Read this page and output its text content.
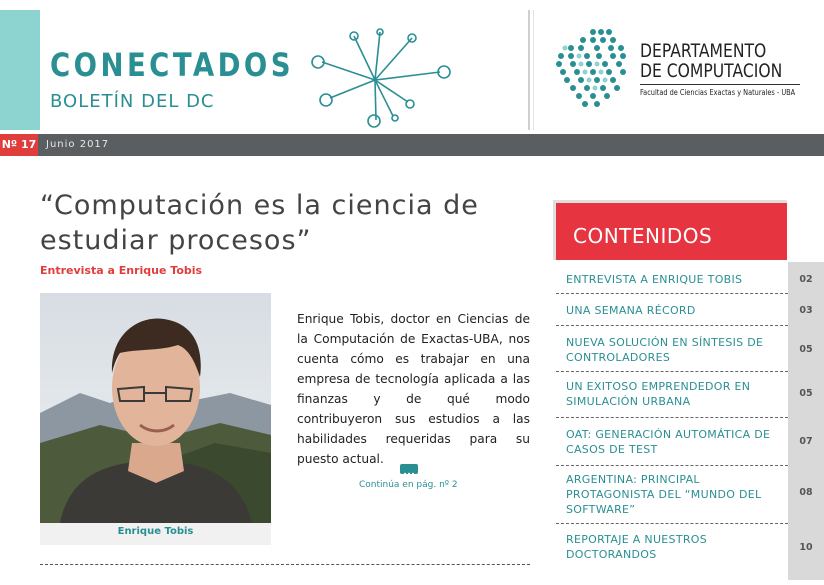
CONECTADOS
BOLETÍN DEL DC
DEPARTAMENTO
DE COMPUTACION
Facultad de Ciencias Exactas y Naturales - UBA
Nº 17 Junio 2017
“Computación es la ciencia de estudiar procesos”
Entrevista a Enrique Tobis
Enrique Tobis
Enrique Tobis, doctor en Ciencias de la Computación de Exactas-UBA, nos cuenta cómo es trabajar en una empresa de tecnología aplicada a las finanzas y de qué modo contribuyeron sus estudios a las habilidades requeridas para su puesto actual.
Continúa en pág. nº 2
CONTENIDOS
ENTREVISTA A ENRIQUE TOBIS	02
UNA SEMANA RÉCORD	03
NUEVA SOLUCIÓN EN SÍNTESIS DE CONTROLADORES
05
UN EXITOSO EMPRENDEDOR EN SIMULACIÓN URBANA
05
OAT: GENERACIÓN AUTOMÁTICA DE CASOS DE TEST
07
ARGENTINA: PRINCIPAL PROTAGONISTA DEL “MUNDO DEL SOFTWARE”
08
REPORTAJE A NUESTROS DOCTORANDOS
10
